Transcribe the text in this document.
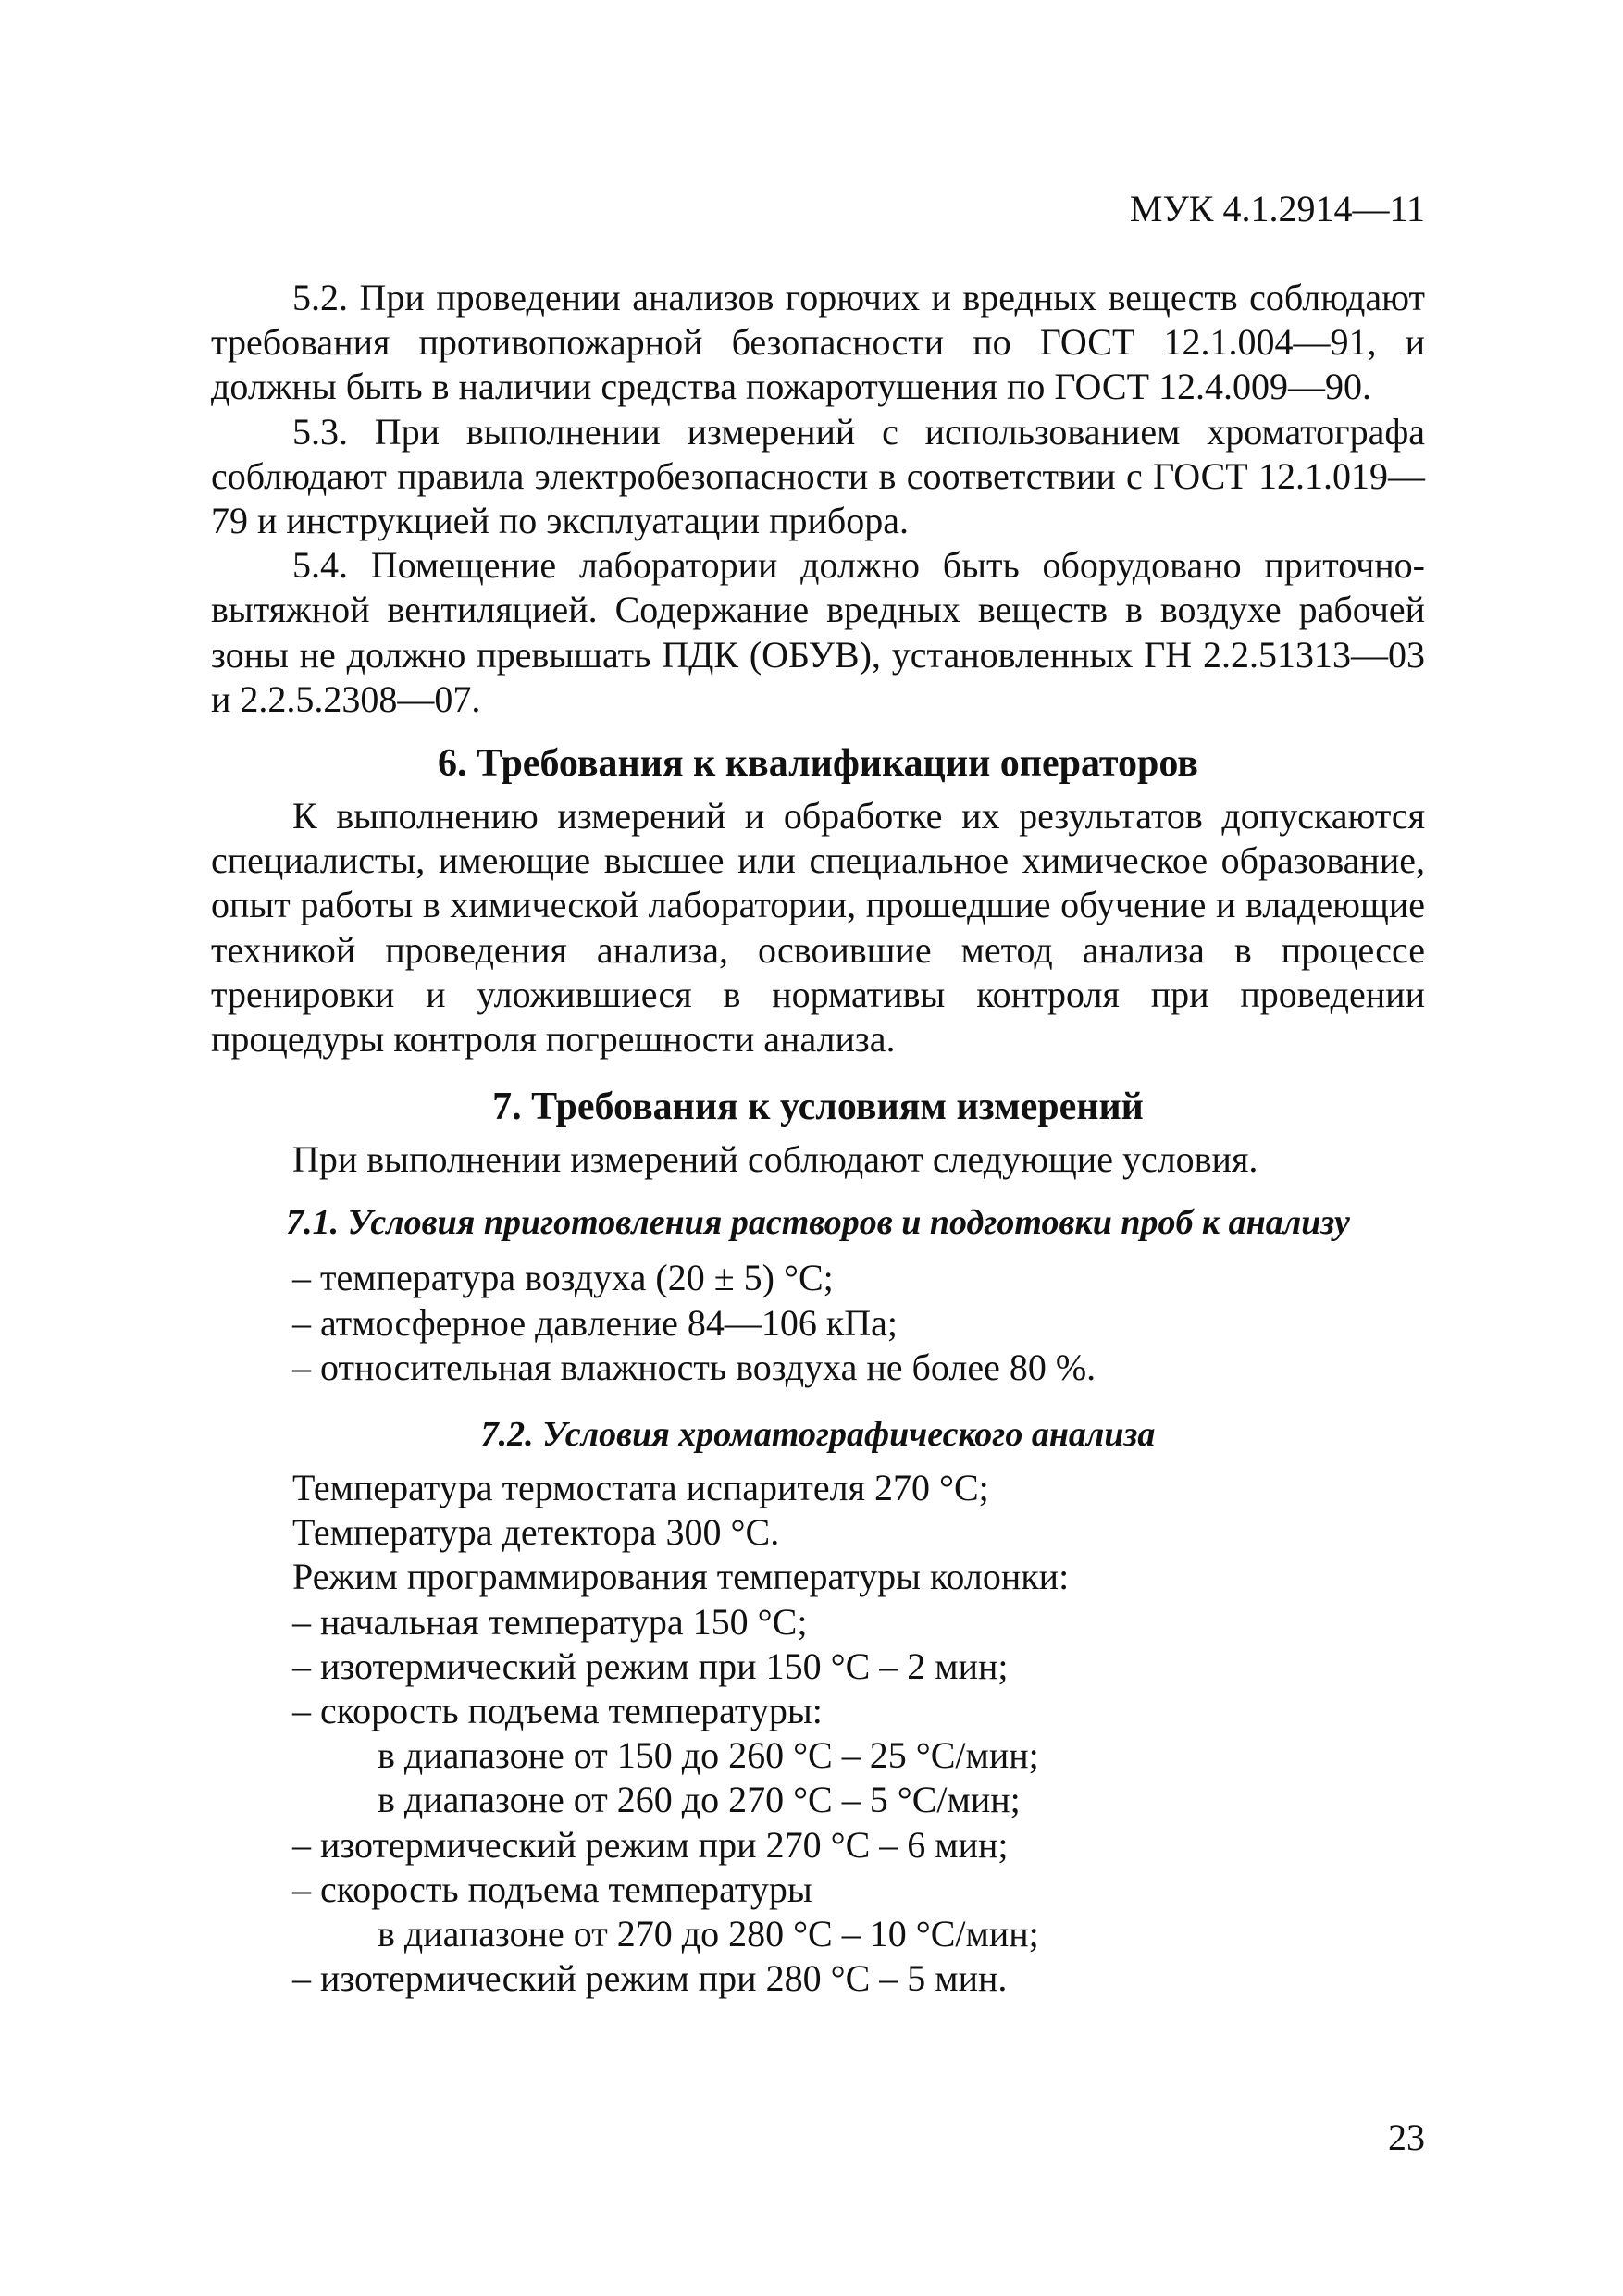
МУК 4.1.2914—11

5.2. При проведении анализов горючих и вредных веществ соблюдают требования противопожарной безопасности по ГОСТ 12.1.004—91, и должны быть в наличии средства пожаротушения по ГОСТ 12.4.009—90.

5.3. При выполнении измерений с использованием хроматографа соблюдают правила электробезопасности в соответствии с ГОСТ 12.1.019—79 и инструкцией по эксплуатации прибора.

5.4. Помещение лаборатории должно быть оборудовано приточно-вытяжной вентиляцией. Содержание вредных веществ в воздухе рабочей зоны не должно превышать ПДК (ОБУВ), установленных ГН 2.2.51313—03 и 2.2.5.2308—07.

6. Требования к квалификации операторов

К выполнению измерений и обработке их результатов допускаются специалисты, имеющие высшее или специальное химическое образование, опыт работы в химической лаборатории, прошедшие обучение и владеющие техникой проведения анализа, освоившие метод анализа в процессе тренировки и уложившиеся в нормативы контроля при проведении процедуры контроля погрешности анализа.

7. Требования к условиям измерений

При выполнении измерений соблюдают следующие условия.

7.1. Условия приготовления растворов и подготовки проб к анализу

– температура воздуха (20 ± 5) °С;

– атмосферное давление 84—106 кПа;

– относительная влажность воздуха не более 80 %.

7.2. Условия хроматографического анализа

Температура термостата испарителя 270 °С;

Температура детектора 300 °С.

Режим программирования температуры колонки:

– начальная температура 150 °С;

– изотермический режим при 150 °С – 2 мин;

– скорость подъема температуры:

в диапазоне от 150 до 260 °С – 25 °С/мин;

в диапазоне от 260 до 270 °С – 5 °С/мин;

– изотермический режим при 270 °С – 6 мин;

– скорость подъема температуры

в диапазоне от 270 до 280 °С – 10 °С/мин;

– изотермический режим при 280 °С – 5 мин.

23
